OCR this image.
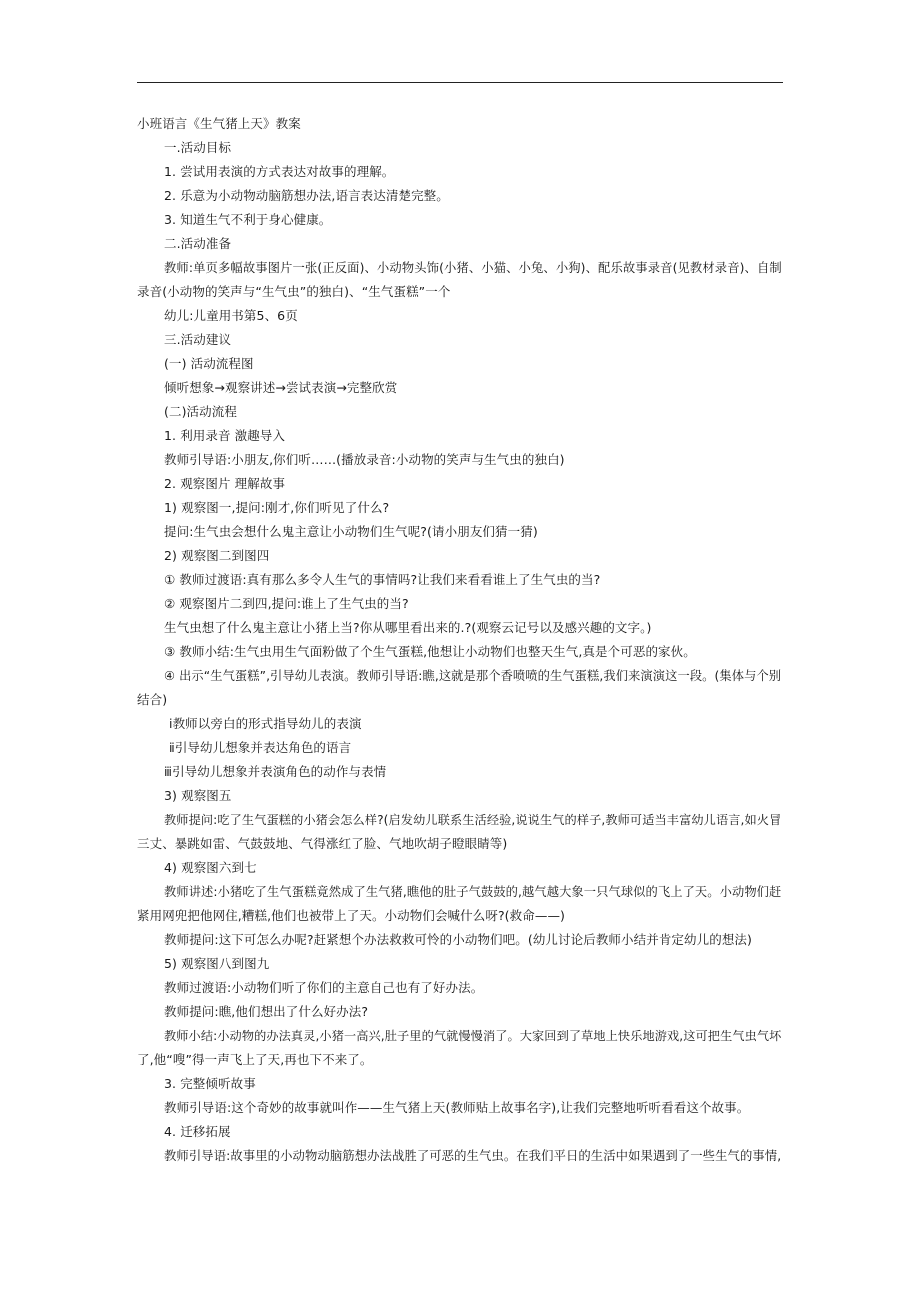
小班语言《生气猪上天》教案

一.活动目标

1. 尝试用表演的方式表达对故事的理解。

2. 乐意为小动物动脑筋想办法,语言表达清楚完整。

3. 知道生气不利于身心健康。

二.活动准备

教师:单页多幅故事图片一张(正反面)、小动物头饰(小猪、小猫、小兔、小狗)、配乐故事录音(见教材录音)、自制

录音(小动物的笑声与“生气虫”的独白)、“生气蛋糕”一个

幼儿:儿童用书第5、6页

三.活动建议

(一) 活动流程图

倾听想象→观察讲述→尝试表演→完整欣赏

(二)活动流程

1. 利用录音 激趣导入

教师引导语:小朋友,你们听……(播放录音:小动物的笑声与生气虫的独白)

2. 观察图片 理解故事

1) 观察图一,提问:刚才,你们听见了什么?

提问:生气虫会想什么鬼主意让小动物们生气呢?(请小朋友们猜一猜)

2) 观察图二到图四

① 教师过渡语:真有那么多令人生气的事情吗?让我们来看看谁上了生气虫的当?

② 观察图片二到四,提问:谁上了生气虫的当?

生气虫想了什么鬼主意让小猪上当?你从哪里看出来的.?(观察云记号以及感兴趣的文字。)

③ 教师小结:生气虫用生气面粉做了个生气蛋糕,他想让小动物们也整天生气,真是个可恶的家伙。

④ 出示“生气蛋糕”,引导幼儿表演。教师引导语:瞧,这就是那个香喷喷的生气蛋糕,我们来演演这一段。(集体与个别

结合)

ⅰ教师以旁白的形式指导幼儿的表演

ⅱ引导幼儿想象并表达角色的语言

ⅲ引导幼儿想象并表演角色的动作与表情

3) 观察图五

教师提问:吃了生气蛋糕的小猪会怎么样?(启发幼儿联系生活经验,说说生气的样子,教师可适当丰富幼儿语言,如火冒

三丈、暴跳如雷、气鼓鼓地、气得涨红了脸、气地吹胡子瞪眼睛等)

4) 观察图六到七

教师讲述:小猪吃了生气蛋糕竟然成了生气猪,瞧他的肚子气鼓鼓的,越气越大象一只气球似的飞上了天。小动物们赶

紧用网兜把他网住,糟糕,他们也被带上了天。小动物们会喊什么呀?(救命——)

教师提问:这下可怎么办呢?赶紧想个办法救救可怜的小动物们吧。(幼儿讨论后教师小结并肯定幼儿的想法)

5) 观察图八到图九

教师过渡语:小动物们听了你们的主意自己也有了好办法。

教师提问:瞧,他们想出了什么好办法?

教师小结:小动物的办法真灵,小猪一高兴,肚子里的气就慢慢消了。大家回到了草地上快乐地游戏,这可把生气虫气坏

了,他“嗖”得一声飞上了天,再也下不来了。

3. 完整倾听故事

教师引导语:这个奇妙的故事就叫作——生气猪上天(教师贴上故事名字),让我们完整地听听看看这个故事。

4. 迁移拓展

教师引导语:故事里的小动物动脑筋想办法战胜了可恶的生气虫。在我们平日的生活中如果遇到了一些生气的事情,
